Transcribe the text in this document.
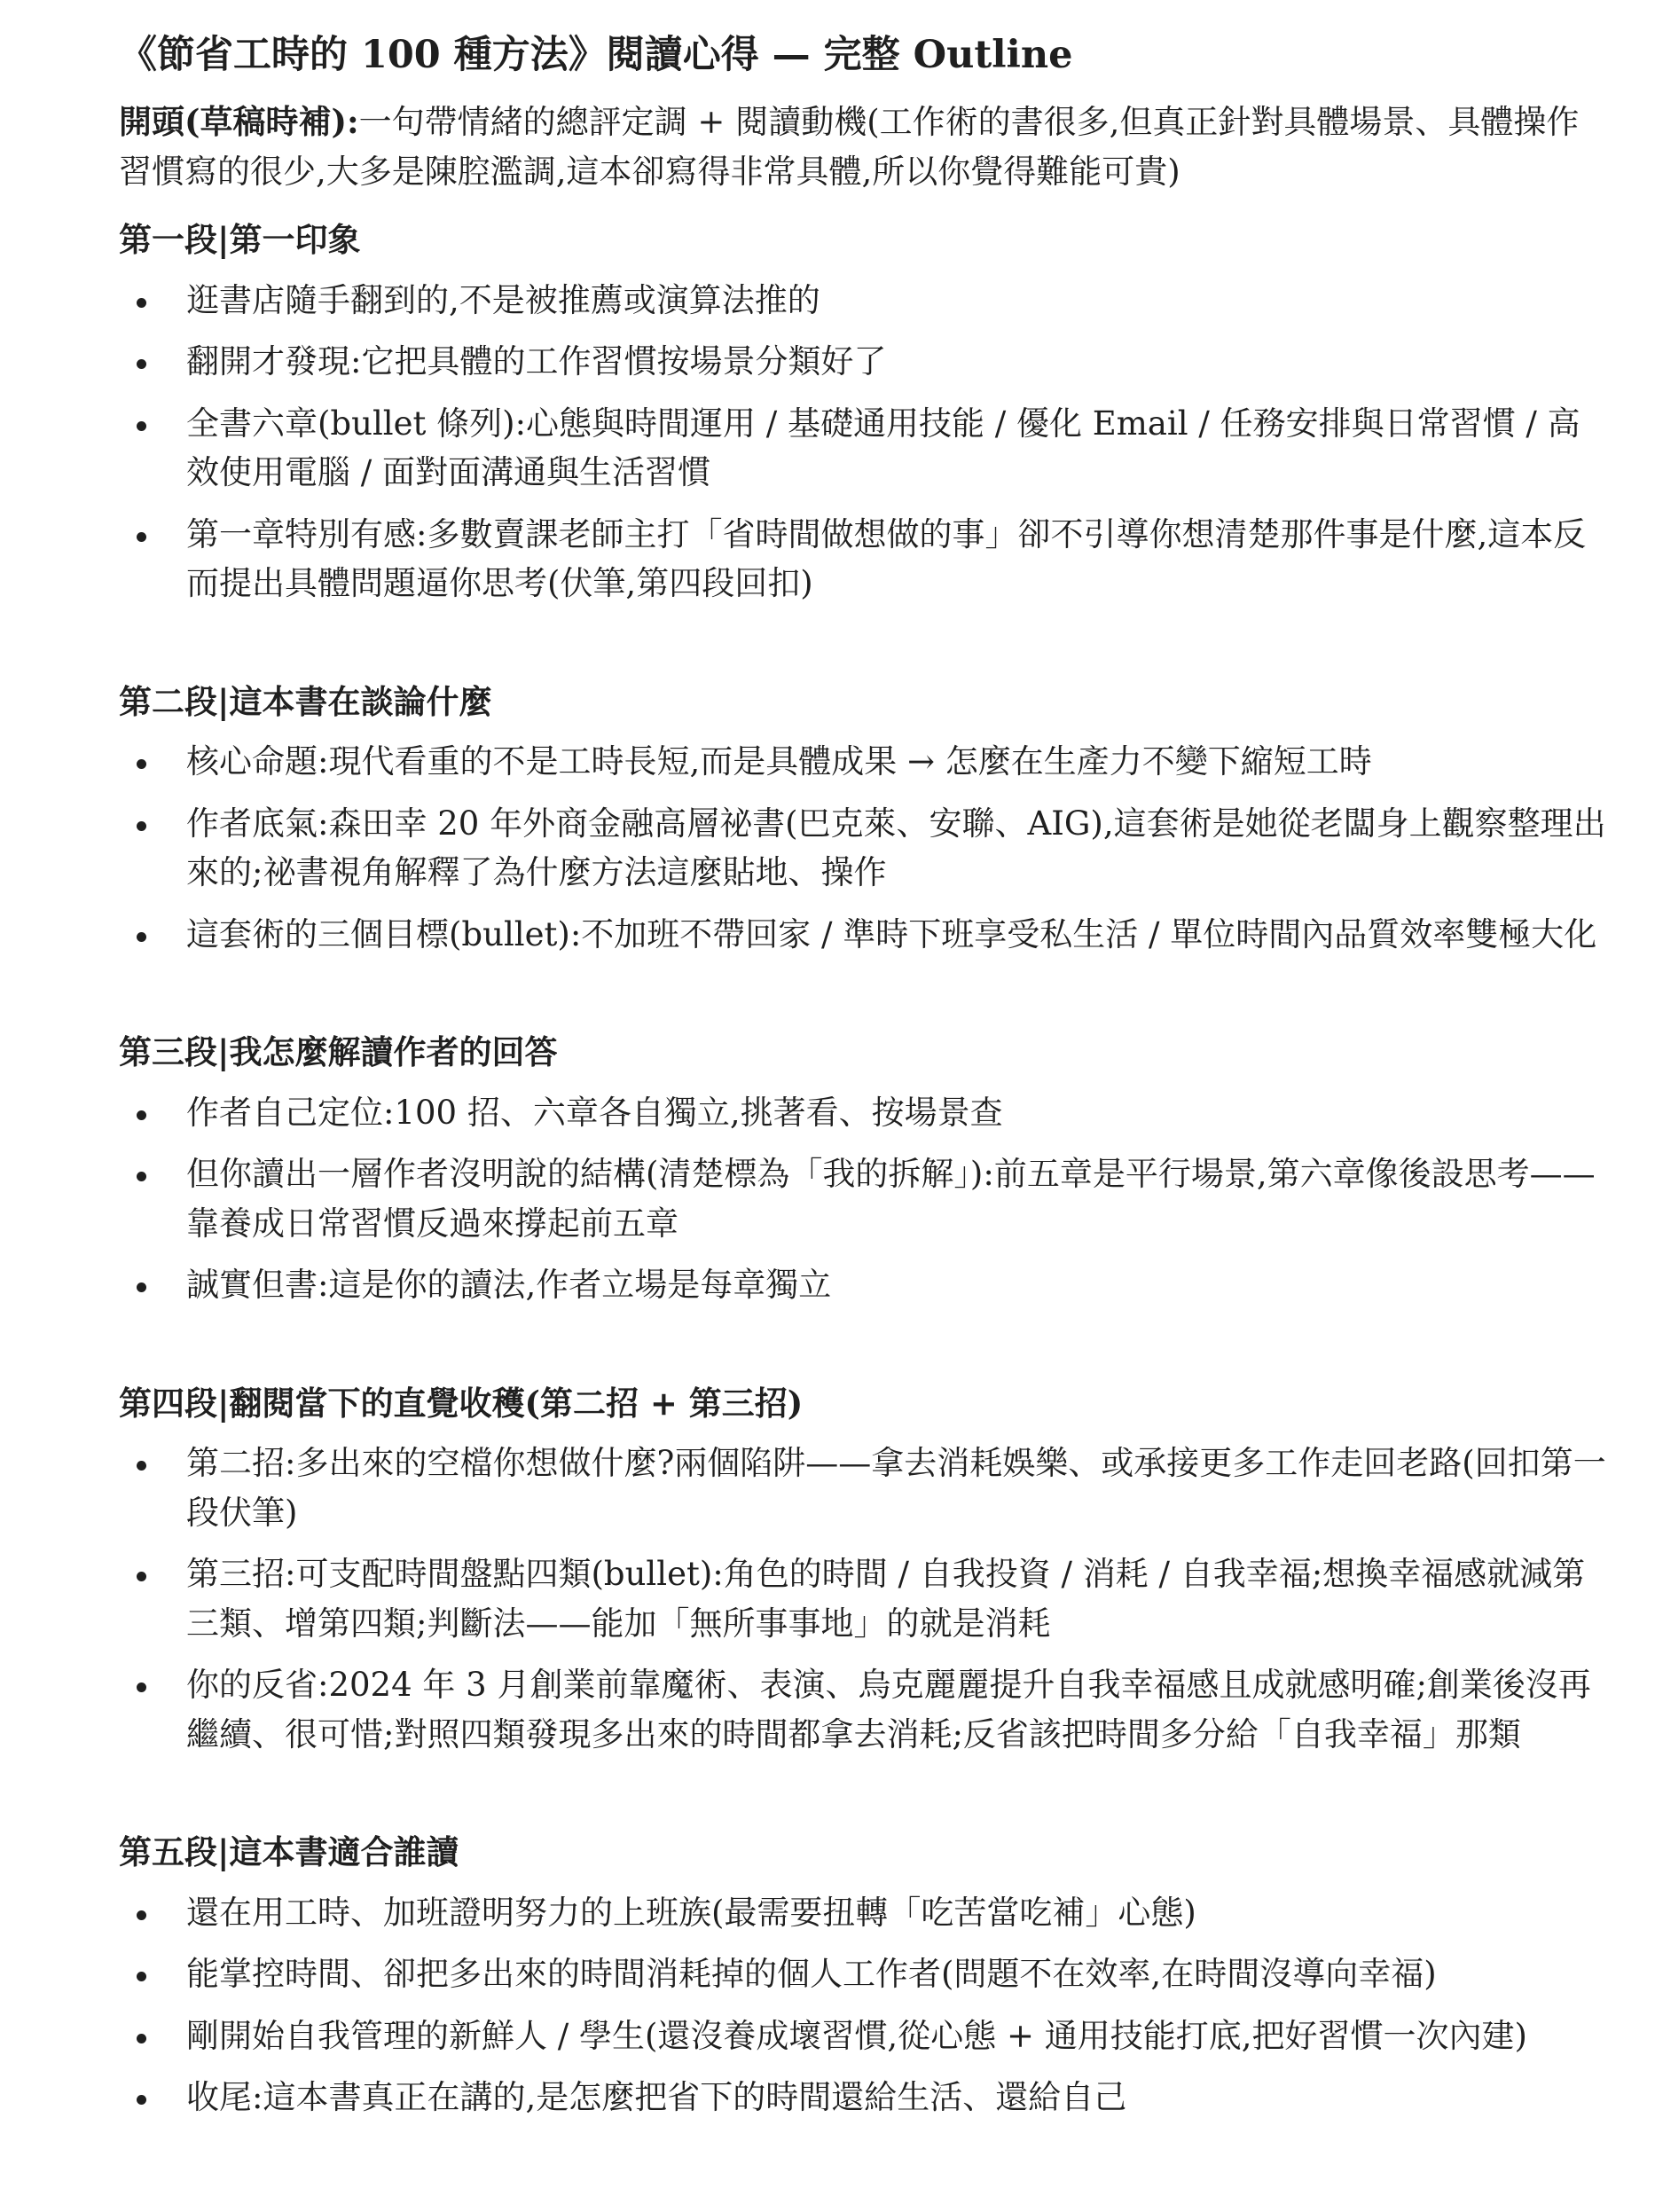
《節省工時的 100 種方法》閱讀心得 — 完整 Outline

開頭(草稿時補):一句帶情緒的總評定調 + 閱讀動機(工作術的書很多,但真正針對具體場景、具體操作習慣寫的很少,大多是陳腔濫調,這本卻寫得非常具體,所以你覺得難能可貴)

第一段|第一印象
逛書店隨手翻到的,不是被推薦或演算法推的
翻開才發現:它把具體的工作習慣按場景分類好了
全書六章(bullet 條列):心態與時間運用 / 基礎通用技能 / 優化 Email / 任務安排與日常習慣 / 高效使用電腦 / 面對面溝通與生活習慣
第一章特別有感:多數賣課老師主打「省時間做想做的事」卻不引導你想清楚那件事是什麼,這本反而提出具體問題逼你思考(伏筆,第四段回扣)
第二段|這本書在談論什麼
核心命題:現代看重的不是工時長短,而是具體成果 → 怎麼在生產力不變下縮短工時
作者底氣:森田幸 20 年外商金融高層祕書(巴克萊、安聯、AIG),這套術是她從老闆身上觀察整理出來的;祕書視角解釋了為什麼方法這麼貼地、操作
這套術的三個目標(bullet):不加班不帶回家 / 準時下班享受私生活 / 單位時間內品質效率雙極大化
第三段|我怎麼解讀作者的回答
作者自己定位:100 招、六章各自獨立,挑著看、按場景查
但你讀出一層作者沒明說的結構(清楚標為「我的拆解」):前五章是平行場景,第六章像後設思考——靠養成日常習慣反過來撐起前五章
誠實但書:這是你的讀法,作者立場是每章獨立
第四段|翻閱當下的直覺收穫(第二招 + 第三招)
第二招:多出來的空檔你想做什麼?兩個陷阱——拿去消耗娛樂、或承接更多工作走回老路(回扣第一段伏筆)
第三招:可支配時間盤點四類(bullet):角色的時間 / 自我投資 / 消耗 / 自我幸福;想換幸福感就減第三類、增第四類;判斷法——能加「無所事事地」的就是消耗
你的反省:2024 年 3 月創業前靠魔術、表演、烏克麗麗提升自我幸福感且成就感明確;創業後沒再繼續、很可惜;對照四類發現多出來的時間都拿去消耗;反省該把時間多分給「自我幸福」那類
第五段|這本書適合誰讀
還在用工時、加班證明努力的上班族(最需要扭轉「吃苦當吃補」心態)
能掌控時間、卻把多出來的時間消耗掉的個人工作者(問題不在效率,在時間沒導向幸福)
剛開始自我管理的新鮮人 / 學生(還沒養成壞習慣,從心態 + 通用技能打底,把好習慣一次內建)
收尾:這本書真正在講的,是怎麼把省下的時間還給生活、還給自己
